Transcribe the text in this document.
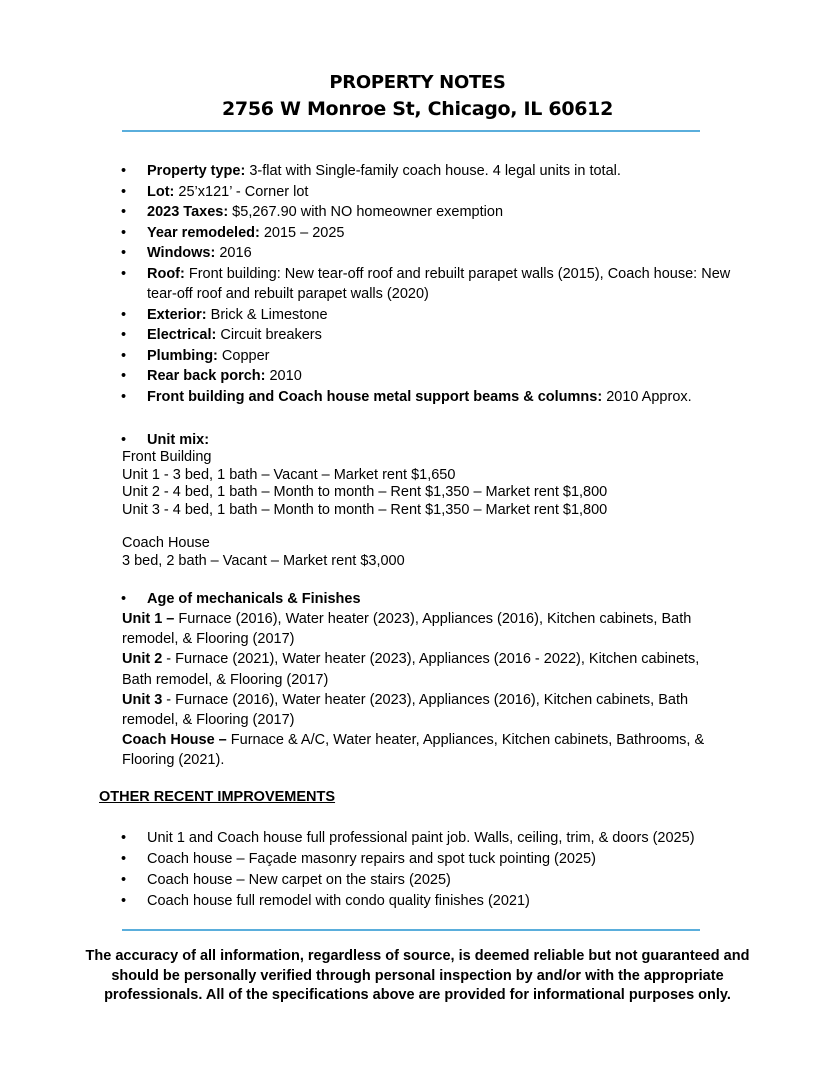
PROPERTY NOTES
2756 W Monroe St, Chicago, IL 60612
•	Property type: 3-flat with Single-family coach house. 4 legal units in total.
•	Lot: 25’x121’ - Corner lot
•	2023 Taxes: $5,267.90 with NO homeowner exemption
•	Year remodeled: 2015 – 2025
•	Windows: 2016
•	Roof: Front building: New tear-off roof and rebuilt parapet walls (2015), Coach house: New tear-off roof and rebuilt parapet walls (2020)
•	Exterior: Brick & Limestone
•	Electrical: Circuit breakers
•	Plumbing: Copper
•	Rear back porch: 2010
•	Front building and Coach house metal support beams & columns: 2010 Approx.
• Unit mix:
Front Building
Unit 1 - 3 bed, 1 bath – Vacant – Market rent $1,650
Unit 2 - 4 bed, 1 bath – Month to month – Rent $1,350 – Market rent $1,800
Unit 3 - 4 bed, 1 bath – Month to month – Rent $1,350 – Market rent $1,800
Coach House
3 bed, 2 bath – Vacant – Market rent $3,000
• Age of mechanicals & Finishes
Unit 1 – Furnace (2016), Water heater (2023), Appliances (2016), Kitchen cabinets, Bath remodel, & Flooring (2017)
Unit 2 - Furnace (2021), Water heater (2023), Appliances (2016 - 2022), Kitchen cabinets, Bath remodel, & Flooring (2017)
Unit 3 - Furnace (2016), Water heater (2023), Appliances (2016), Kitchen cabinets, Bath remodel, & Flooring (2017)
Coach House – Furnace & A/C, Water heater, Appliances, Kitchen cabinets, Bathrooms, & Flooring (2021).
OTHER RECENT IMPROVEMENTS
•	Unit 1 and Coach house full professional paint job. Walls, ceiling, trim, & doors (2025)
•	Coach house – Façade masonry repairs and spot tuck pointing (2025)
•	Coach house – New carpet on the stairs (2025)
•	Coach house full remodel with condo quality finishes (2021)
The accuracy of all information, regardless of source, is deemed reliable but not guaranteed and should be personally verified through personal inspection by and/or with the appropriate professionals. All of the specifications above are provided for informational purposes only.
